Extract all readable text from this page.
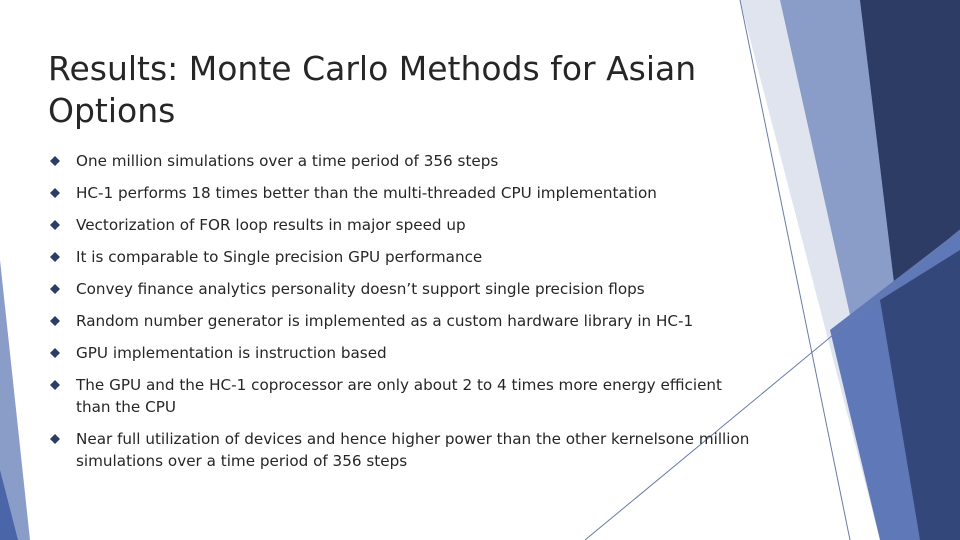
Results: Monte Carlo Methods for Asian Options
One million simulations over a time period of 356 steps
HC-1 performs 18 times better than the multi-threaded CPU implementation
Vectorization of FOR loop results in major speed up
It is comparable to Single precision GPU performance
Convey finance analytics personality doesn’t support single precision flops
Random number generator is implemented as a custom hardware library in HC-1
GPU implementation is instruction based
The GPU and the HC-1 coprocessor are only about 2 to 4 times more energy efficient than the CPU
Near full utilization of devices and hence higher power than the other kernelsone million simulations over a time period of 356 steps
